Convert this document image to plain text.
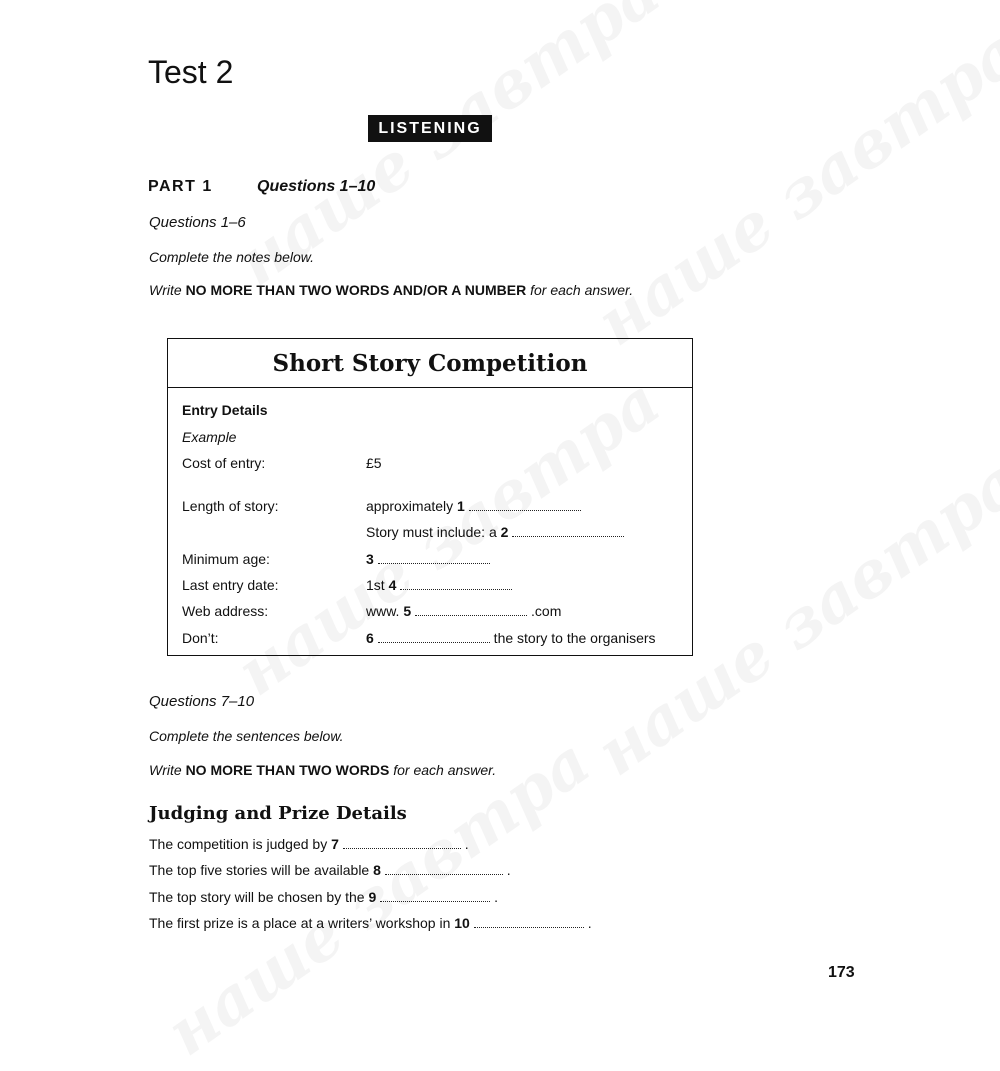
Test 2
LISTENING
PART 1	Questions 1–10
Questions 1–6
Complete the notes below.
Write NO MORE THAN TWO WORDS AND/OR A NUMBER for each answer.
Short Story Competition
Entry Details
Example
Cost of entry:	£5
Length of story:	approximately 1
Story must include: a 2
Minimum age:	3
Last entry date:	1st 4
Web address:	www. 5	.com
Don’t:	6	the story to the organisers
Questions 7–10
Complete the sentences below.
Write NO MORE THAN TWO WORDS for each answer.
Judging and Prize Details
The competition is judged by 7	.
The top five stories will be available 8	.
The top story will be chosen by the 9	.
The first prize is a place at a writers’ workshop in 10	.
173
